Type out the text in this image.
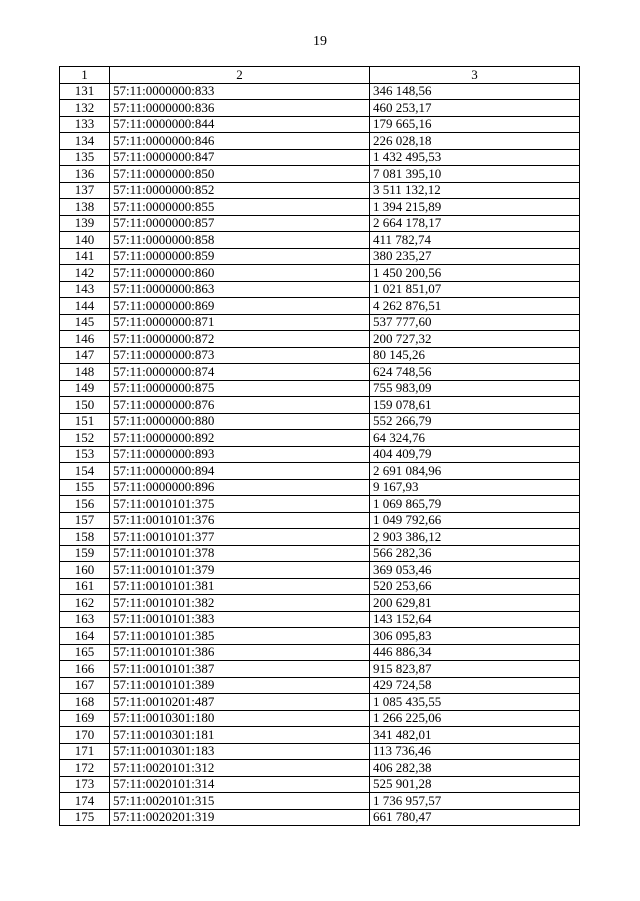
19
1	2	3
131	57:11:0000000:833	346 148,56
132	57:11:0000000:836	460 253,17
133	57:11:0000000:844	179 665,16
134	57:11:0000000:846	226 028,18
135	57:11:0000000:847	1 432 495,53
136	57:11:0000000:850	7 081 395,10
137	57:11:0000000:852	3 511 132,12
138	57:11:0000000:855	1 394 215,89
139	57:11:0000000:857	2 664 178,17
140	57:11:0000000:858	411 782,74
141	57:11:0000000:859	380 235,27
142	57:11:0000000:860	1 450 200,56
143	57:11:0000000:863	1 021 851,07
144	57:11:0000000:869	4 262 876,51
145	57:11:0000000:871	537 777,60
146	57:11:0000000:872	200 727,32
147	57:11:0000000:873	80 145,26
148	57:11:0000000:874	624 748,56
149	57:11:0000000:875	755 983,09
150	57:11:0000000:876	159 078,61
151	57:11:0000000:880	552 266,79
152	57:11:0000000:892	64 324,76
153	57:11:0000000:893	404 409,79
154	57:11:0000000:894	2 691 084,96
155	57:11:0000000:896	9 167,93
156	57:11:0010101:375	1 069 865,79
157	57:11:0010101:376	1 049 792,66
158	57:11:0010101:377	2 903 386,12
159	57:11:0010101:378	566 282,36
160	57:11:0010101:379	369 053,46
161	57:11:0010101:381	520 253,66
162	57:11:0010101:382	200 629,81
163	57:11:0010101:383	143 152,64
164	57:11:0010101:385	306 095,83
165	57:11:0010101:386	446 886,34
166	57:11:0010101:387	915 823,87
167	57:11:0010101:389	429 724,58
168	57:11:0010201:487	1 085 435,55
169	57:11:0010301:180	1 266 225,06
170	57:11:0010301:181	341 482,01
171	57:11:0010301:183	113 736,46
172	57:11:0020101:312	406 282,38
173	57:11:0020101:314	525 901,28
174	57:11:0020101:315	1 736 957,57
175	57:11:0020201:319	661 780,47
